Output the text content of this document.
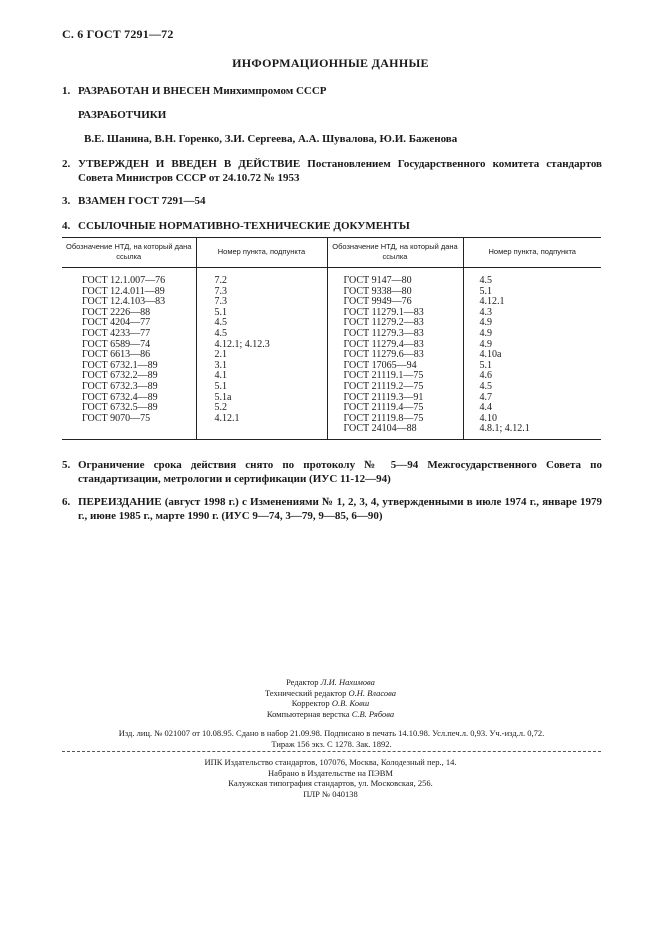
С. 6 ГОСТ 7291—72
ИНФОРМАЦИОННЫЕ ДАННЫЕ
1. РАЗРАБОТАН И ВНЕСЕН Минхимпромом СССР
РАЗРАБОТЧИКИ
В.Е. Шанина, В.Н. Горенко, З.И. Сергеева, А.А. Шувалова, Ю.И. Баженова
2. УТВЕРЖДЕН И ВВЕДЕН В ДЕЙСТВИЕ Постановлением Государственного комитета стандартов Совета Министров СССР от 24.10.72 № 1953
3. ВЗАМЕН ГОСТ 7291—54
4. ССЫЛОЧНЫЕ НОРМАТИВНО-ТЕХНИЧЕСКИЕ ДОКУМЕНТЫ
Обозначение НТД, на который дана ссылка	Номер пункта, подпункта	Обозначение НТД, на который дана ссылка	Номер пункта, подпункта
ГОСТ 12.1.007—76	7.2	ГОСТ 9147—80	4.5
ГОСТ 12.4.011—89	7.3	ГОСТ 9338—80	5.1
ГОСТ 12.4.103—83	7.3	ГОСТ 9949—76	4.12.1
ГОСТ 2226—88	5.1	ГОСТ 11279.1—83	4.3
ГОСТ 4204—77	4.5	ГОСТ 11279.2—83	4.9
ГОСТ 4233—77	4.5	ГОСТ 11279.3—83	4.9
ГОСТ 6589—74	4.12.1; 4.12.3	ГОСТ 11279.4—83	4.9
ГОСТ 6613—86	2.1	ГОСТ 11279.6—83	4.10а
ГОСТ 6732.1—89	3.1	ГОСТ 17065—94	5.1
ГОСТ 6732.2—89	4.1	ГОСТ 21119.1—75	4.6
ГОСТ 6732.3—89	5.1	ГОСТ 21119.2—75	4.5
ГОСТ 6732.4—89	5.1а	ГОСТ 21119.3—91	4.7
ГОСТ 6732.5—89	5.2	ГОСТ 21119.4—75	4.4
ГОСТ 9070—75	4.12.1	ГОСТ 21119.8—75	4.10
		ГОСТ 24104—88	4.8.1; 4.12.1
5. Ограничение срока действия снято по протоколу № 5—94 Межгосударственного Совета по стандартизации, метрологии и сертификации (ИУС 11-12—94)
6. ПЕРЕИЗДАНИЕ (август 1998 г.) с Изменениями № 1, 2, 3, 4, утвержденными в июле 1974 г., январе 1979 г., июне 1985 г., марте 1990 г. (ИУС 9—74, 3—79, 9—85, 6—90)
Редактор Л.И. Нахимова
Технический редактор О.Н. Власова
Корректор О.В. Ковш
Компьютерная верстка С.В. Рябова
Изд. лиц. № 021007 от 10.08.95. Сдано в набор 21.09.98. Подписано в печать 14.10.98. Усл.печ.л. 0,93. Уч.-изд.л. 0,72.
Тираж 156 экз. С 1278. Зак. 1892.
ИПК Издательство стандартов, 107076, Москва, Колодезный пер., 14.
Набрано в Издательстве на ПЭВМ
Калужская типография стандартов, ул. Московская, 256.
ПЛР № 040138
